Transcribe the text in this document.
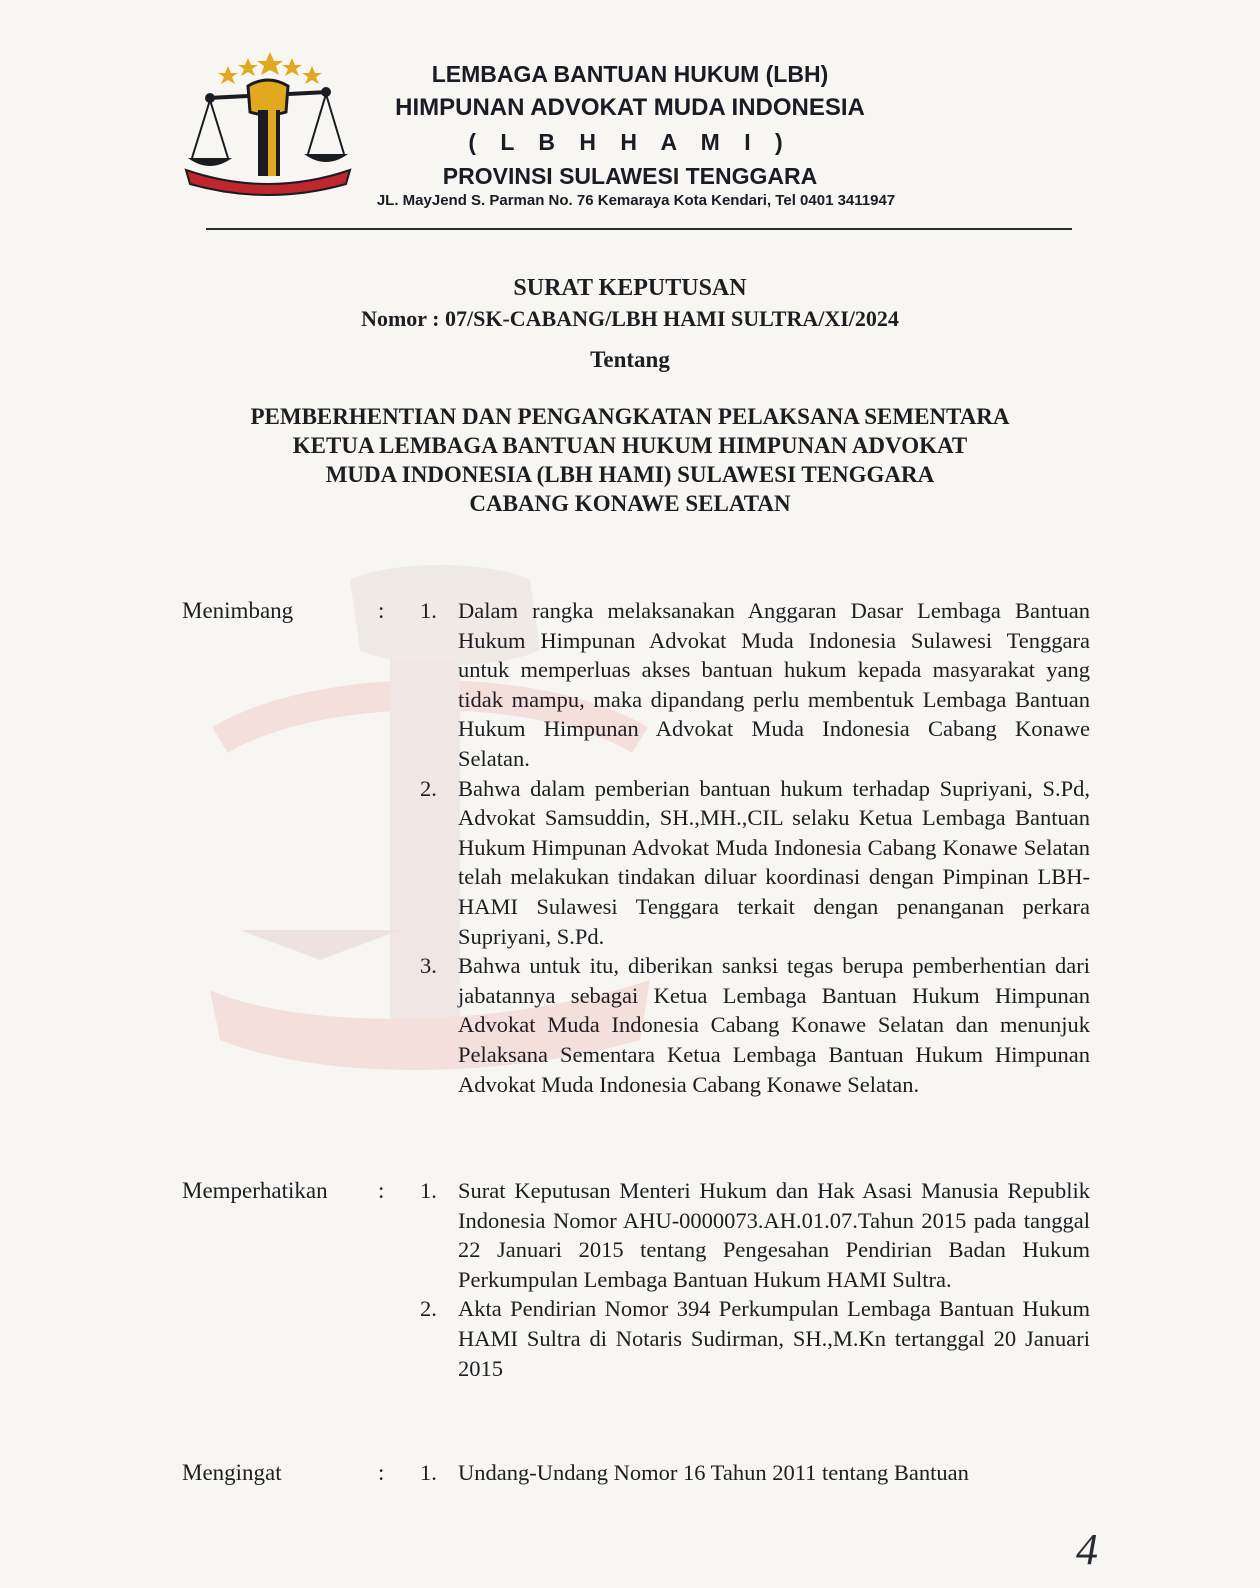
LEMBAGA BANTUAN HUKUM (LBH)
HIMPUNAN ADVOKAT MUDA INDONESIA
( L B H H A M I )
PROVINSI SULAWESI TENGGARA
JL. MayJend S. Parman No. 76 Kemaraya Kota Kendari, Tel 0401 3411947
SURAT KEPUTUSAN
Nomor : 07/SK-CABANG/LBH HAMI SULTRA/XI/2024
Tentang
PEMBERHENTIAN DAN PENGANGKATAN PELAKSANA SEMENTARA
KETUA LEMBAGA BANTUAN HUKUM HIMPUNAN ADVOKAT
MUDA INDONESIA (LBH HAMI) SULAWESI TENGGARA
CABANG KONAWE SELATAN
Menimbang	: 1. Dalam rangka melaksanakan Anggaran Dasar Lembaga Bantuan Hukum Himpunan Advokat Muda Indonesia Sulawesi Tenggara untuk memperluas akses bantuan hukum kepada masyarakat yang tidak mampu, maka dipandang perlu membentuk Lembaga Bantuan Hukum Himpunan Advokat Muda Indonesia Cabang Konawe Selatan.
2. Bahwa dalam pemberian bantuan hukum terhadap Supriyani, S.Pd, Advokat Samsuddin, SH.,MH.,CIL selaku Ketua Lembaga Bantuan Hukum Himpunan Advokat Muda Indonesia Cabang Konawe Selatan telah melakukan tindakan diluar koordinasi dengan Pimpinan LBH-HAMI Sulawesi Tenggara terkait dengan penanganan perkara Supriyani, S.Pd.
3. Bahwa untuk itu, diberikan sanksi tegas berupa pemberhentian dari jabatannya sebagai Ketua Lembaga Bantuan Hukum Himpunan Advokat Muda Indonesia Cabang Konawe Selatan dan menunjuk Pelaksana Sementara Ketua Lembaga Bantuan Hukum Himpunan Advokat Muda Indonesia Cabang Konawe Selatan.
Memperhatikan : 1. Surat Keputusan Menteri Hukum dan Hak Asasi Manusia Republik Indonesia Nomor AHU-0000073.AH.01.07.Tahun 2015 pada tanggal 22 Januari 2015 tentang Pengesahan Pendirian Badan Hukum Perkumpulan Lembaga Bantuan Hukum HAMI Sultra.
2. Akta Pendirian Nomor 394 Perkumpulan Lembaga Bantuan Hukum HAMI Sultra di Notaris Sudirman, SH.,M.Kn tertanggal 20 Januari 2015
Mengingat	: 1. Undang-Undang Nomor 16 Tahun 2011 tentang Bantuan
4
